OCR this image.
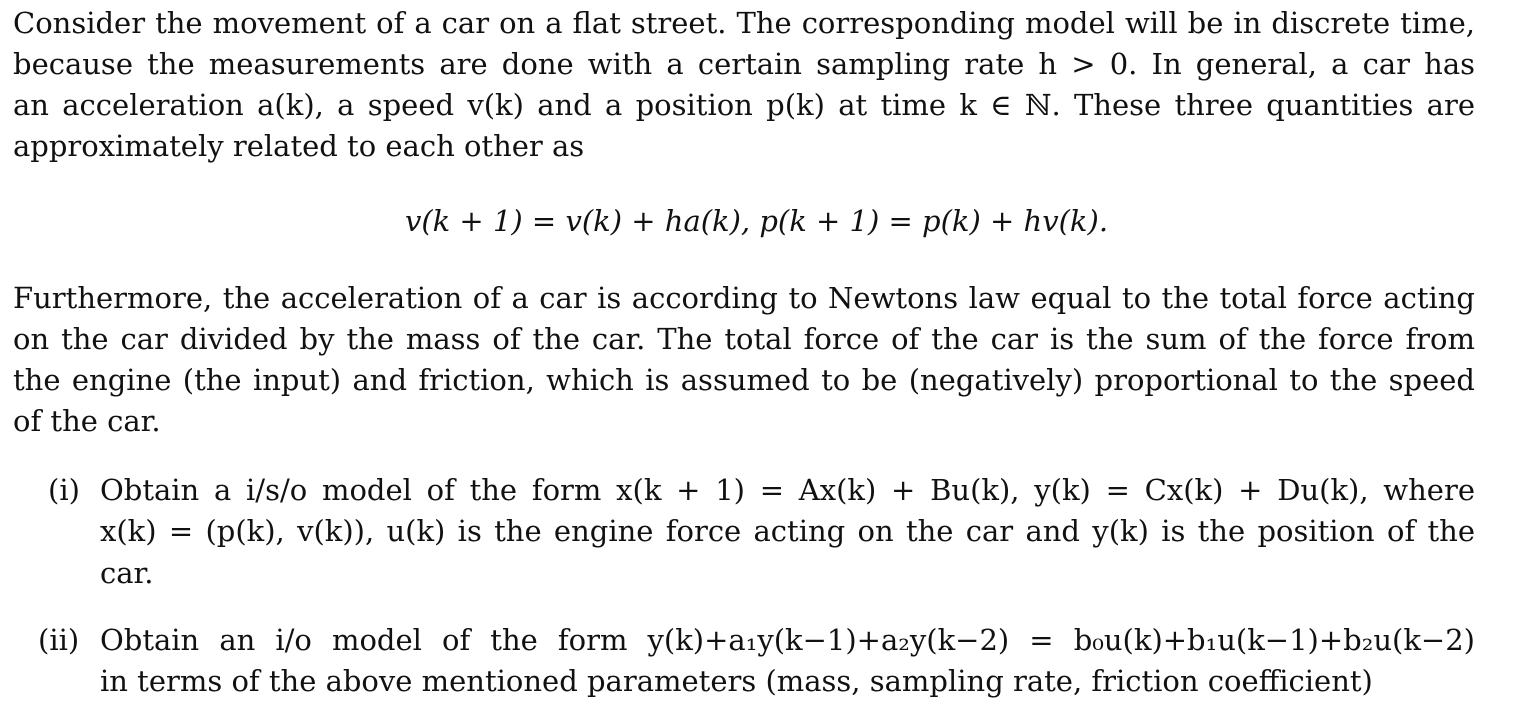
Consider the movement of a car on a flat street. The corresponding model will be in discrete time,
because the measurements are done with a certain sampling rate h > 0. In general, a car has
an acceleration a(k), a speed v(k) and a position p(k) at time k ∈ ℕ. These three quantities are
approximately related to each other as
v(k + 1) = v(k) + ha(k), p(k + 1) = p(k) + hv(k).
Furthermore, the acceleration of a car is according to Newtons law equal to the total force acting
on the car divided by the mass of the car. The total force of the car is the sum of the force from
the engine (the input) and friction, which is assumed to be (negatively) proportional to the speed
of the car.
(i) Obtain a i/s/o model of the form x(k + 1) = Ax(k) + Bu(k), y(k) = Cx(k) + Du(k), where
x(k) = (p(k), v(k)), u(k) is the engine force acting on the car and y(k) is the position of the
car.
(ii) Obtain an i/o model of the form y(k)+a₁y(k−1)+a₂y(k−2) = b₀u(k)+b₁u(k−1)+b₂u(k−2)
in terms of the above mentioned parameters (mass, sampling rate, friction coefficient)
